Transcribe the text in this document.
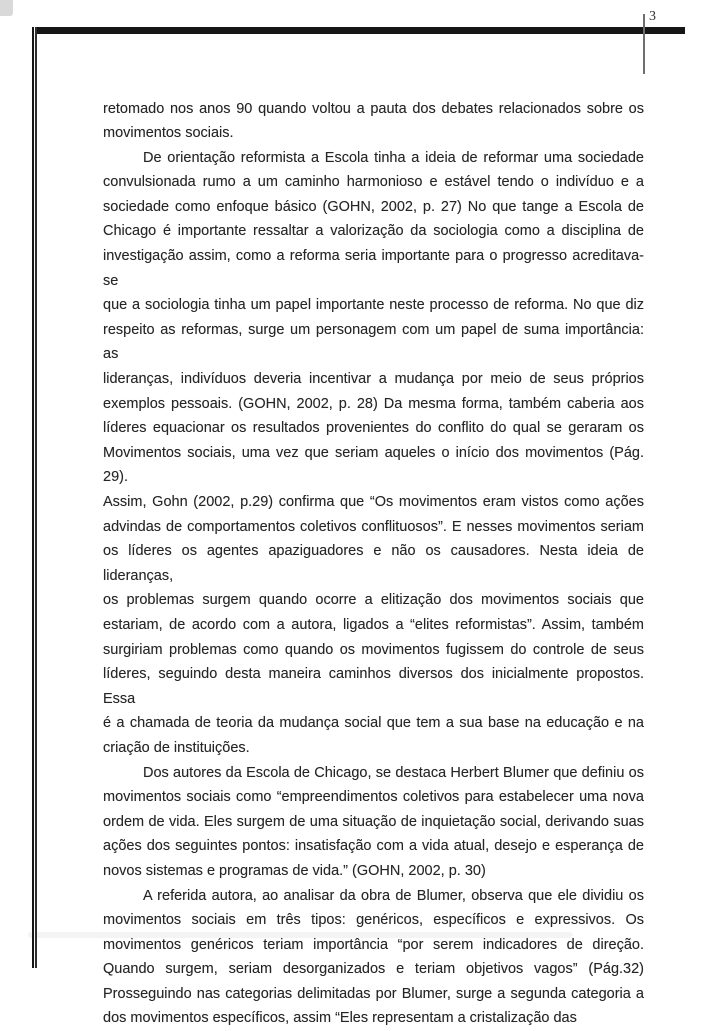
3
retomado nos anos 90 quando voltou a pauta dos debates relacionados sobre os
movimentos sociais.
De orientação reformista a Escola tinha a ideia de reformar uma sociedade
convulsionada rumo a um caminho harmonioso e estável tendo o indivíduo e a
sociedade como enfoque básico (GOHN, 2002, p. 27) No que tange a Escola de
Chicago é importante ressaltar a valorização da sociologia como a disciplina de
investigação assim, como a reforma seria importante para o progresso acreditava-se
que a sociologia tinha um papel importante neste processo de reforma. No que diz
respeito as reformas, surge um personagem com um papel de suma importância: as
lideranças, indivíduos deveria incentivar a mudança por meio de seus próprios
exemplos pessoais. (GOHN, 2002, p. 28) Da mesma forma, também caberia aos
líderes equacionar os resultados provenientes do conflito do qual se geraram os
Movimentos sociais, uma vez que seriam aqueles o início dos movimentos (Pág. 29).
Assim, Gohn (2002, p.29) confirma que “Os movimentos eram vistos como ações
advindas de comportamentos coletivos conflituosos”. E nesses movimentos seriam
os líderes os agentes apaziguadores e não os causadores. Nesta ideia de lideranças,
os problemas surgem quando ocorre a elitização dos movimentos sociais que
estariam, de acordo com a autora, ligados a “elites reformistas”. Assim, também
surgiriam problemas como quando os movimentos fugissem do controle de seus
líderes, seguindo desta maneira caminhos diversos dos inicialmente propostos. Essa
é a chamada de teoria da mudança social que tem a sua base na educação e na
criação de instituições.
Dos autores da Escola de Chicago, se destaca Herbert Blumer que definiu os
movimentos sociais como “empreendimentos coletivos para estabelecer uma nova
ordem de vida. Eles surgem de uma situação de inquietação social, derivando suas
ações dos seguintes pontos: insatisfação com a vida atual, desejo e esperança de
novos sistemas e programas de vida.” (GOHN, 2002, p. 30)
A referida autora, ao analisar da obra de Blumer, observa que ele dividiu os
movimentos sociais em três tipos: genéricos, específicos e expressivos. Os
movimentos genéricos teriam importância “por serem indicadores de direção.
Quando surgem, seriam desorganizados e teriam objetivos vagos” (Pág.32)
Prosseguindo nas categorias delimitadas por Blumer, surge a segunda categoria a
dos movimentos específicos, assim “Eles representam a cristalização das
